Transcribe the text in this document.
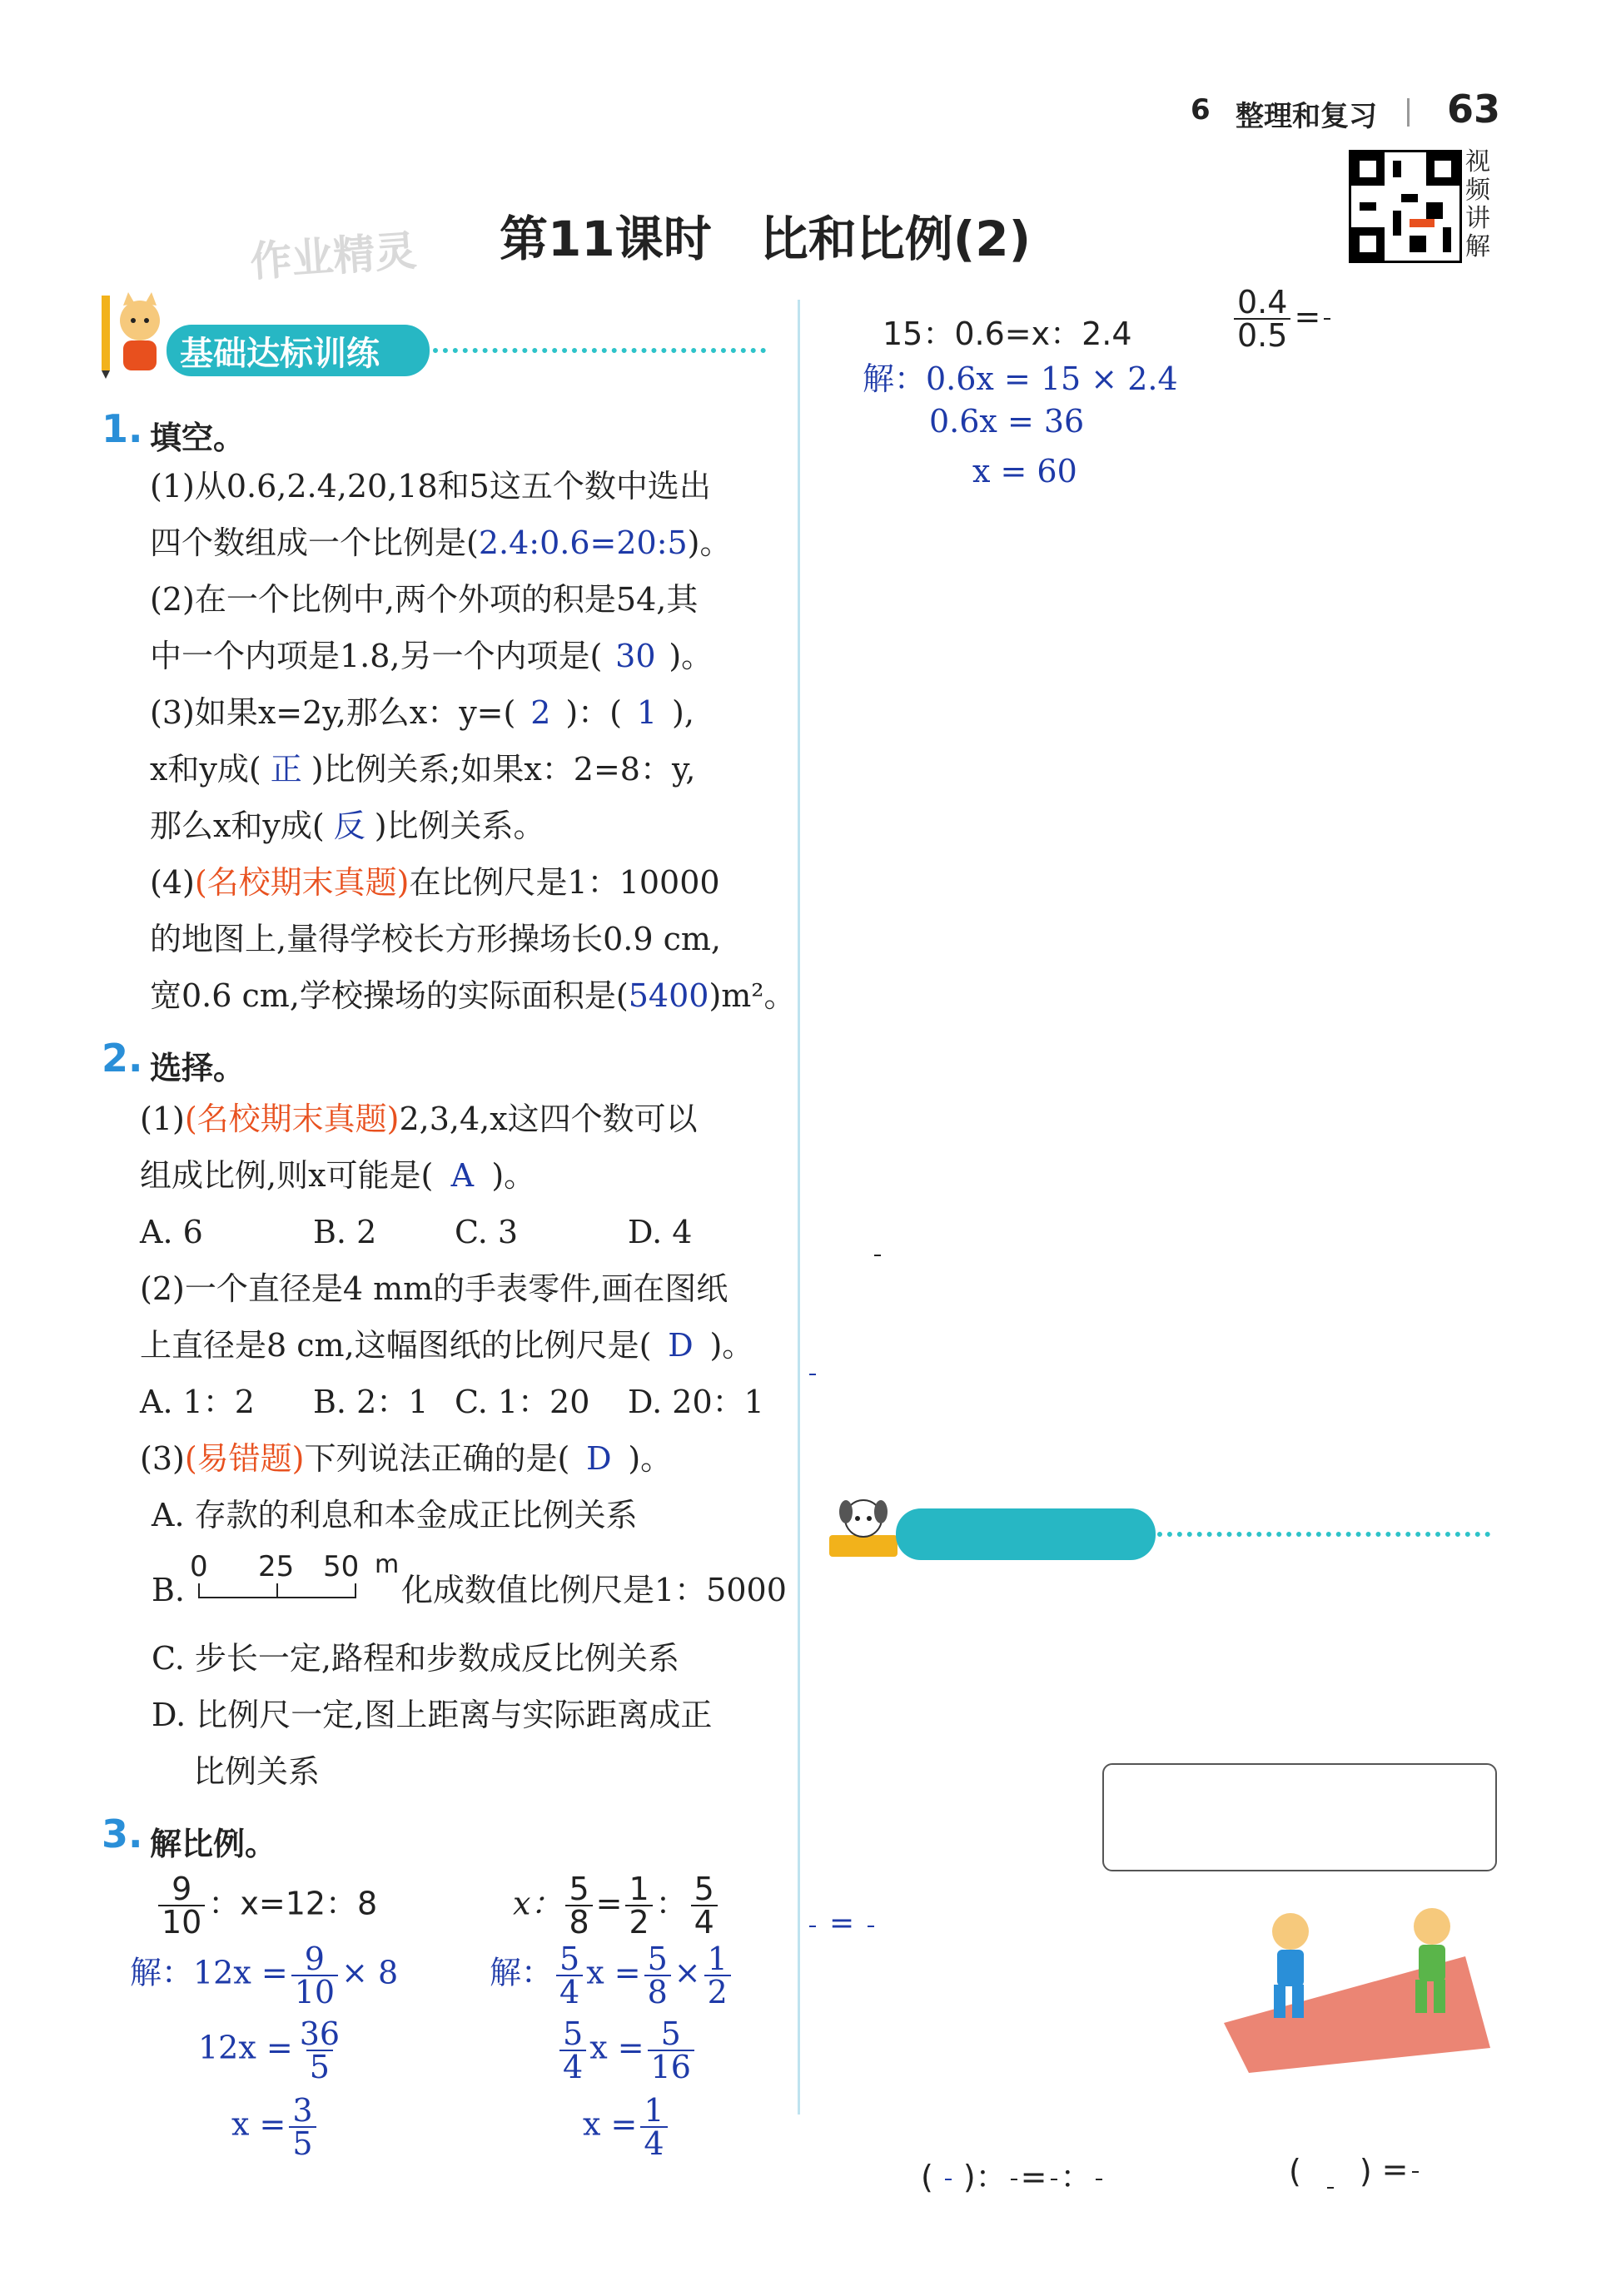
6 整理和复习 63
视频讲解
第11课时　比和比例(2)
作业精灵
基础达标训练
1. 填空。
(1)从0.6,2.4,20,18和5这五个数中选出
四个数组成一个比例是(2.4:0.6=20:5)。
(2)在一个比例中,两个外项的积是54,其
中一个内项是1.8,另一个内项是( 30 )。
(3)如果x=2y,那么x：y=( 2 )：( 1 ),
x和y成( 正 )比例关系;如果x：2=8：y,
那么x和y成( 反 )比例关系。
(4)(名校期末真题)在比例尺是1：10000
的地图上,量得学校长方形操场长0.9 cm,
宽0.6 cm,学校操场的实际面积是(5400)m²。
2. 选择。
(1)(名校期末真题)2,3,4,x这四个数可以
组成比例,则x可能是( A )。
A. 6	B. 2 C. 3	D. 4
(2)一个直径是4 mm的手表零件,画在图纸
上直径是8 cm,这幅图纸的比例尺是( D )。
A. 1：2 B. 2：1 C. 1：20 D. 20：1
(3)(易错题)下列说法正确的是( D )。
A. 存款的利息和本金成正比例关系
B.
0 25 50 m
化成数值比例尺是1：5000
C. 步长一定,路程和步数成反比例关系
D. 比例尺一定,图上距离与实际距离成正
比例关系
3. 解比例。
$\frac{9}{10}$ ：x=12：8
解：$12x = \frac{9}{10} \times 8$
$12x = \frac{36}{5}$
$x = \frac{3}{5}$
x： $\frac{5}{8} = \frac{1}{2}$ ： $\frac{5}{4}$
解： $\frac{5}{4}$ $x = \frac{5}{8} \times \frac{1}{2}$
$\frac{5}{4}$ $x = \frac{5}{16}$
$x = \frac{1}{4}$
15：0.6=x：2.4
解：0.6x = 15 × 2.4
0.6x = 36
x = 60
$\frac{0.4}{0.5}$ =
( )： = ：	( ) =
=
